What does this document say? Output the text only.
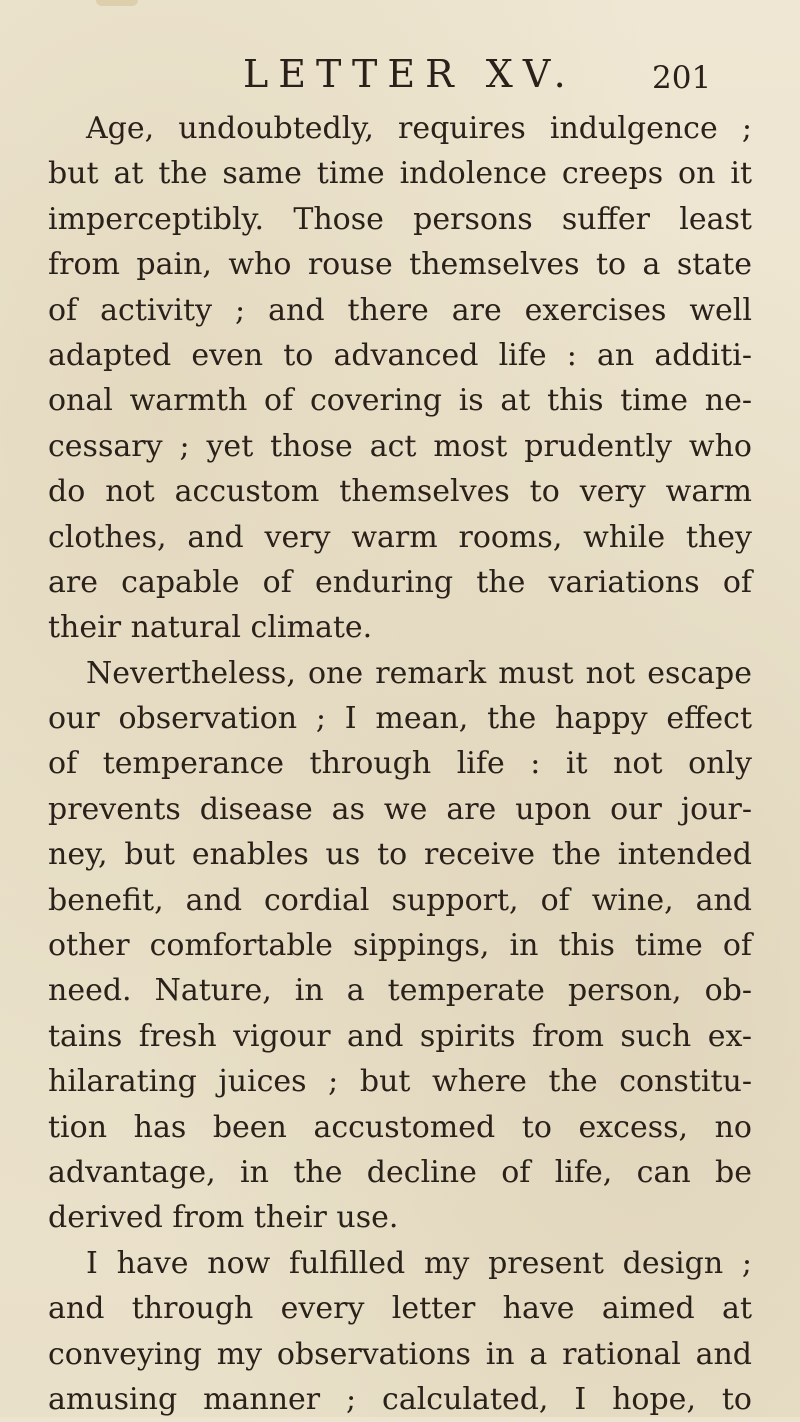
LETTER XV. 201
Age, undoubtedly, requires indulgence ;
but at the same time indolence creeps on it
imperceptibly. Those persons suffer least
from pain, who rouse themselves to a state
of activity ; and there are exercises well
adapted even to advanced life : an additi-
onal warmth of covering is at this time ne-
cessary ; yet those act most prudently who
do not accustom themselves to very warm
clothes, and very warm rooms, while they
are capable of enduring the variations of
their natural climate.
Nevertheless, one remark must not escape
our observation ; I mean, the happy effect
of temperance through life : it not only
prevents disease as we are upon our jour-
ney, but enables us to receive the intended
benefit, and cordial support, of wine, and
other comfortable sippings, in this time of
need. Nature, in a temperate person, ob-
tains fresh vigour and spirits from such ex-
hilarating juices ; but where the constitu-
tion has been accustomed to excess, no
advantage, in the decline of life, can be
derived from their use.
I have now fulfilled my present design ;
and through every letter have aimed at
conveying my observations in a rational and
amusing manner ; calculated, I hope, to
